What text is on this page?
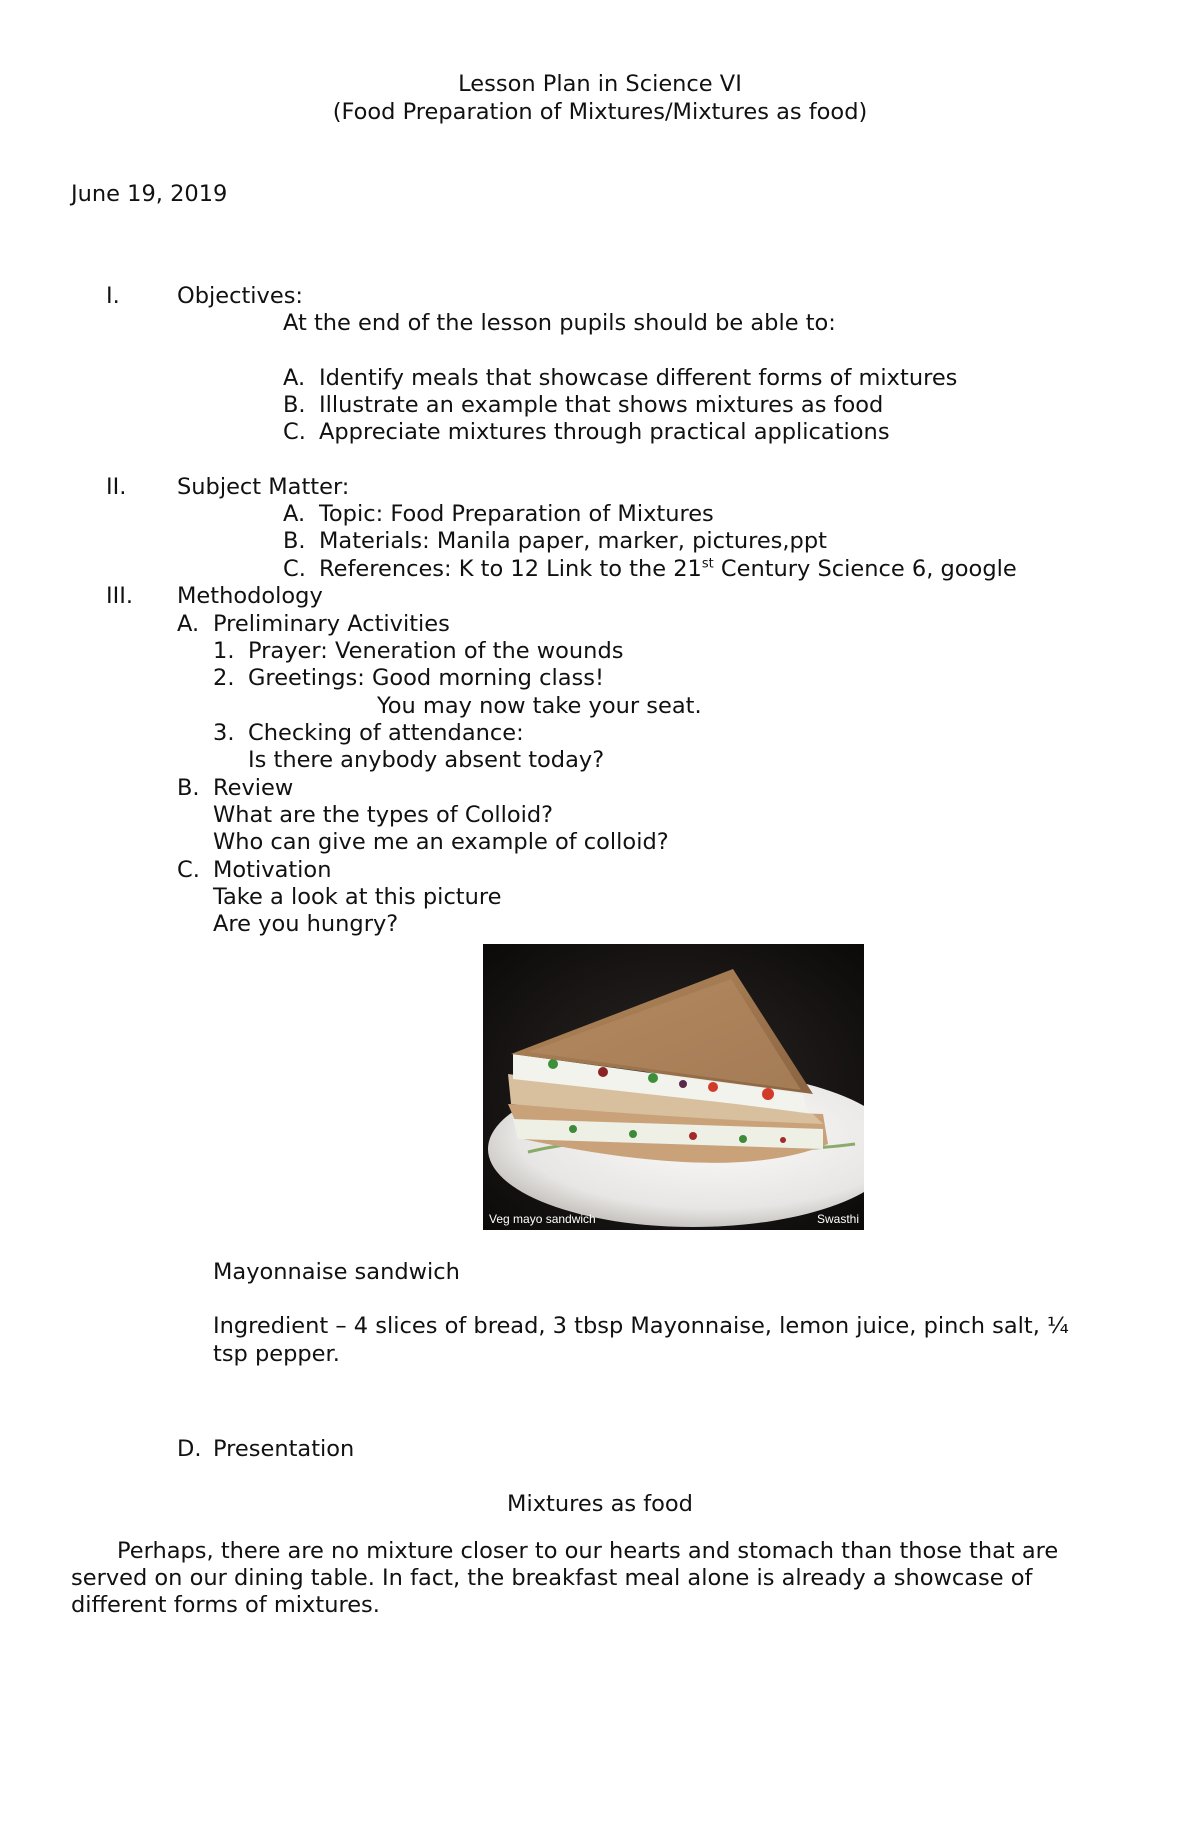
Lesson Plan in Science VI
(Food Preparation of Mixtures/Mixtures as food)
June 19, 2019
I.	Objectives:
At the end of the lesson pupils should be able to:
A. Identify meals that showcase different forms of mixtures
B. Illustrate an example that shows mixtures as food
C. Appreciate mixtures through practical applications
II. Subject Matter:
A. Topic: Food Preparation of Mixtures
B. Materials: Manila paper, marker, pictures,ppt
C. References: K to 12 Link to the 21st Century Science 6, google
III. Methodology
A. Preliminary Activities
1. Prayer: Veneration of the wounds
2. Greetings: Good morning class!
You may now take your seat.
3. Checking of attendance:
Is there anybody absent today?
B. Review
What are the types of Colloid?
Who can give me an example of colloid?
C. Motivation
Take a look at this picture
Are you hungry?
Veg mayo sandwich	Swasthi
Mayonnaise sandwich
Ingredient – 4 slices of bread, 3 tbsp Mayonnaise, lemon juice, pinch salt, ¼
tsp pepper.
D. Presentation
Mixtures as food
Perhaps, there are no mixture closer to our hearts and stomach than those that are
served on our dining table. In fact, the breakfast meal alone is already a showcase of
different forms of mixtures.
